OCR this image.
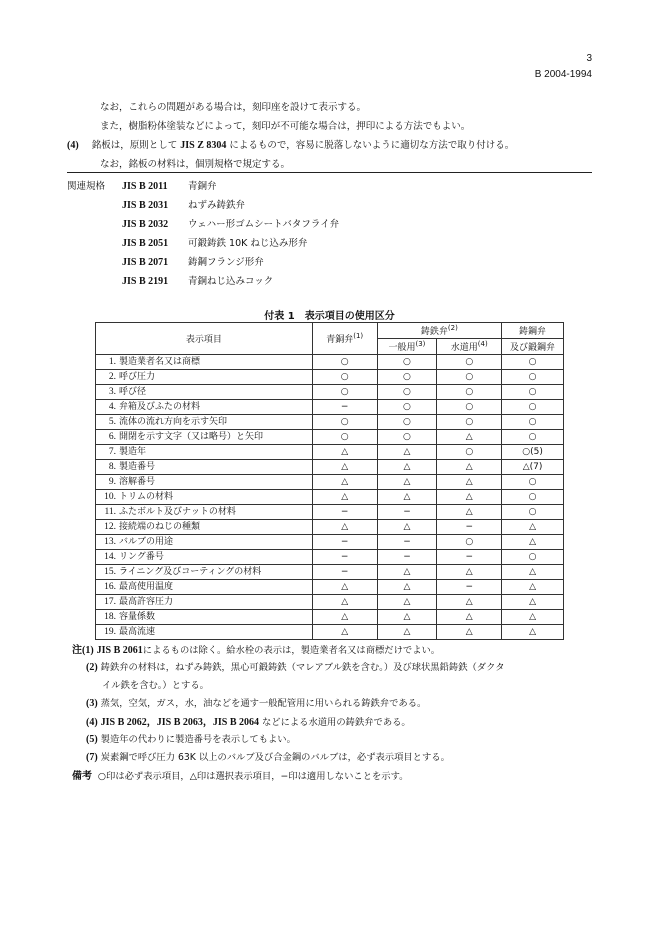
3
B 2004-1994
なお，これらの問題がある場合は，刻印座を設けて表示する。
また，樹脂粉体塗装などによって，刻印が不可能な場合は，押印による方法でもよい。
(4) 銘板は，原則として JIS Z 8304 によるもので，容易に脱落しないように適切な方法で取り付ける。
なお，銘板の材料は，個別規格で規定する。
関連規格 JIS B 2011 青銅弁
JIS B 2031 ねずみ鋳鉄弁
JIS B 2032 ウェハー形ゴムシートバタフライ弁
JIS B 2051 可鍛鋳鉄 10K ねじ込み形弁
JIS B 2071 鋳鋼フランジ形弁
JIS B 2191 青銅ねじ込みコック
付表 1　表示項目の使用区分
表示項目	青銅弁$^{(1)}$	鋳鉄弁$^{(2)}$		鋳鋼弁
		一般用$^{(3)}$	水道用$^{(4)}$	及び鍛鋼弁
1. 製造業者名又は商標	○	○	○	○
2. 呼び圧力	○	○	○	○
3. 呼び径	○	○	○	○
4. 弁箱及びふたの材料	−	○	○	○
5. 流体の流れ方向を示す矢印	○	○	○	○
6. 開閉を示す文字（又は略号）と矢印	○	○	△	○
7. 製造年	△	△	○	○(5)
8. 製造番号	△	△	△	△(7)
9. 溶解番号	△	△	△	○
10. トリムの材料	△	△	△	○
11. ふたボルト及びナットの材料	−	−	△	○
12. 接続端のねじの種類	△	△	−	△
13. バルブの用途	−	−	○	△
14. リング番号	−	−	−	○
15. ライニング及びコーティングの材料	−	△	△	△
16. 最高使用温度	△	△	−	△
17. 最高許容圧力	△	△	△	△
18. 容量係数	△	△	△	△
19. 最高流速	△	△	△	△
注(1) JIS B 2061によるものは除く。給水栓の表示は，製造業者名又は商標だけでよい。
(2) 鋳鉄弁の材料は，ねずみ鋳鉄，黒心可鍛鋳鉄（マレアブル鉄を含む。）及び球状黒鉛鋳鉄（ダクタ
イル鉄を含む。）とする。
(3) 蒸気，空気，ガス，水，油などを通す一般配管用に用いられる鋳鉄弁である。
(4) JIS B 2062，JIS B 2063，JIS B 2064 などによる水道用の鋳鉄弁である。
(5) 製造年の代わりに製造番号を表示してもよい。
(7) 炭素鋼で呼び圧力 63K 以上のバルブ及び合金鋼のバルブは，必ず表示項目とする。
備考 ○印は必ず表示項目，△印は選択表示項目，−印は適用しないことを示す。
